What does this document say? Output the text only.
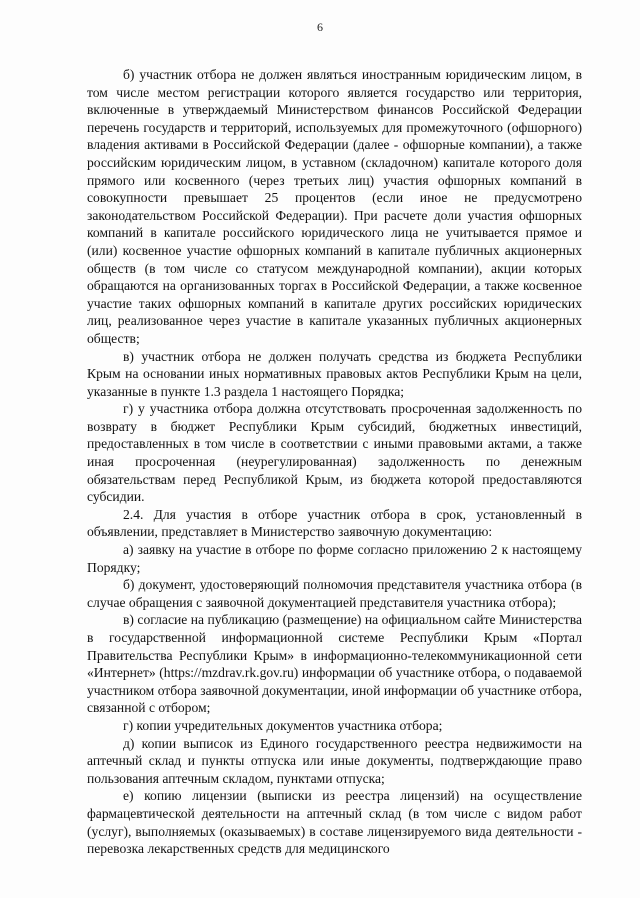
6

б) участник отбора не должен являться иностранным юридическим лицом, в том числе местом регистрации которого является государство или территория, включенные в утверждаемый Министерством финансов Российской Федерации перечень государств и территорий, используемых для промежуточного (офшорного) владения активами в Российской Федерации (далее - офшорные компании), а также российским юридическим лицом, в уставном (складочном) капитале которого доля прямого или косвенного (через третьих лиц) участия офшорных компаний в совокупности превышает 25 процентов (если иное не предусмотрено законодательством Российской Федерации). При расчете доли участия офшорных компаний в капитале российского юридического лица не учитывается прямое и (или) косвенное участие офшорных компаний в капитале публичных акционерных обществ (в том числе со статусом международной компании), акции которых обращаются на организованных торгах в Российской Федерации, а также косвенное участие таких офшорных компаний в капитале других российских юридических лиц, реализованное через участие в капитале указанных публичных акционерных обществ;

в) участник отбора не должен получать средства из бюджета Республики Крым на основании иных нормативных правовых актов Республики Крым на цели, указанные в пункте 1.3 раздела 1 настоящего Порядка;

г) у участника отбора должна отсутствовать просроченная задолженность по возврату в бюджет Республики Крым субсидий, бюджетных инвестиций, предоставленных в том числе в соответствии с иными правовыми актами, а также иная просроченная (неурегулированная) задолженность по денежным обязательствам перед Республикой Крым, из бюджета которой предоставляются субсидии.

2.4. Для участия в отборе участник отбора в срок, установленный в объявлении, представляет в Министерство заявочную документацию:

а) заявку на участие в отборе по форме согласно приложению 2 к настоящему Порядку;

б) документ, удостоверяющий полномочия представителя участника отбора (в случае обращения с заявочной документацией представителя участника отбора);

в) согласие на публикацию (размещение) на официальном сайте Министерства в государственной информационной системе Республики Крым «Портал Правительства Республики Крым» в информационно-телекоммуникационной сети «Интернет» (https://mzdrav.rk.gov.ru) информации об участнике отбора, о подаваемой участником отбора заявочной документации, иной информации об участнике отбора, связанной с отбором;

г) копии учредительных документов участника отбора;

д) копии выписок из Единого государственного реестра недвижимости на аптечный склад и пункты отпуска или иные документы, подтверждающие право пользования аптечным складом, пунктами отпуска;

е) копию лицензии (выписки из реестра лицензий) на осуществление фармацевтической деятельности на аптечный склад (в том числе с видом работ (услуг), выполняемых (оказываемых) в составе лицензируемого вида деятельности - перевозка лекарственных средств для медицинского
